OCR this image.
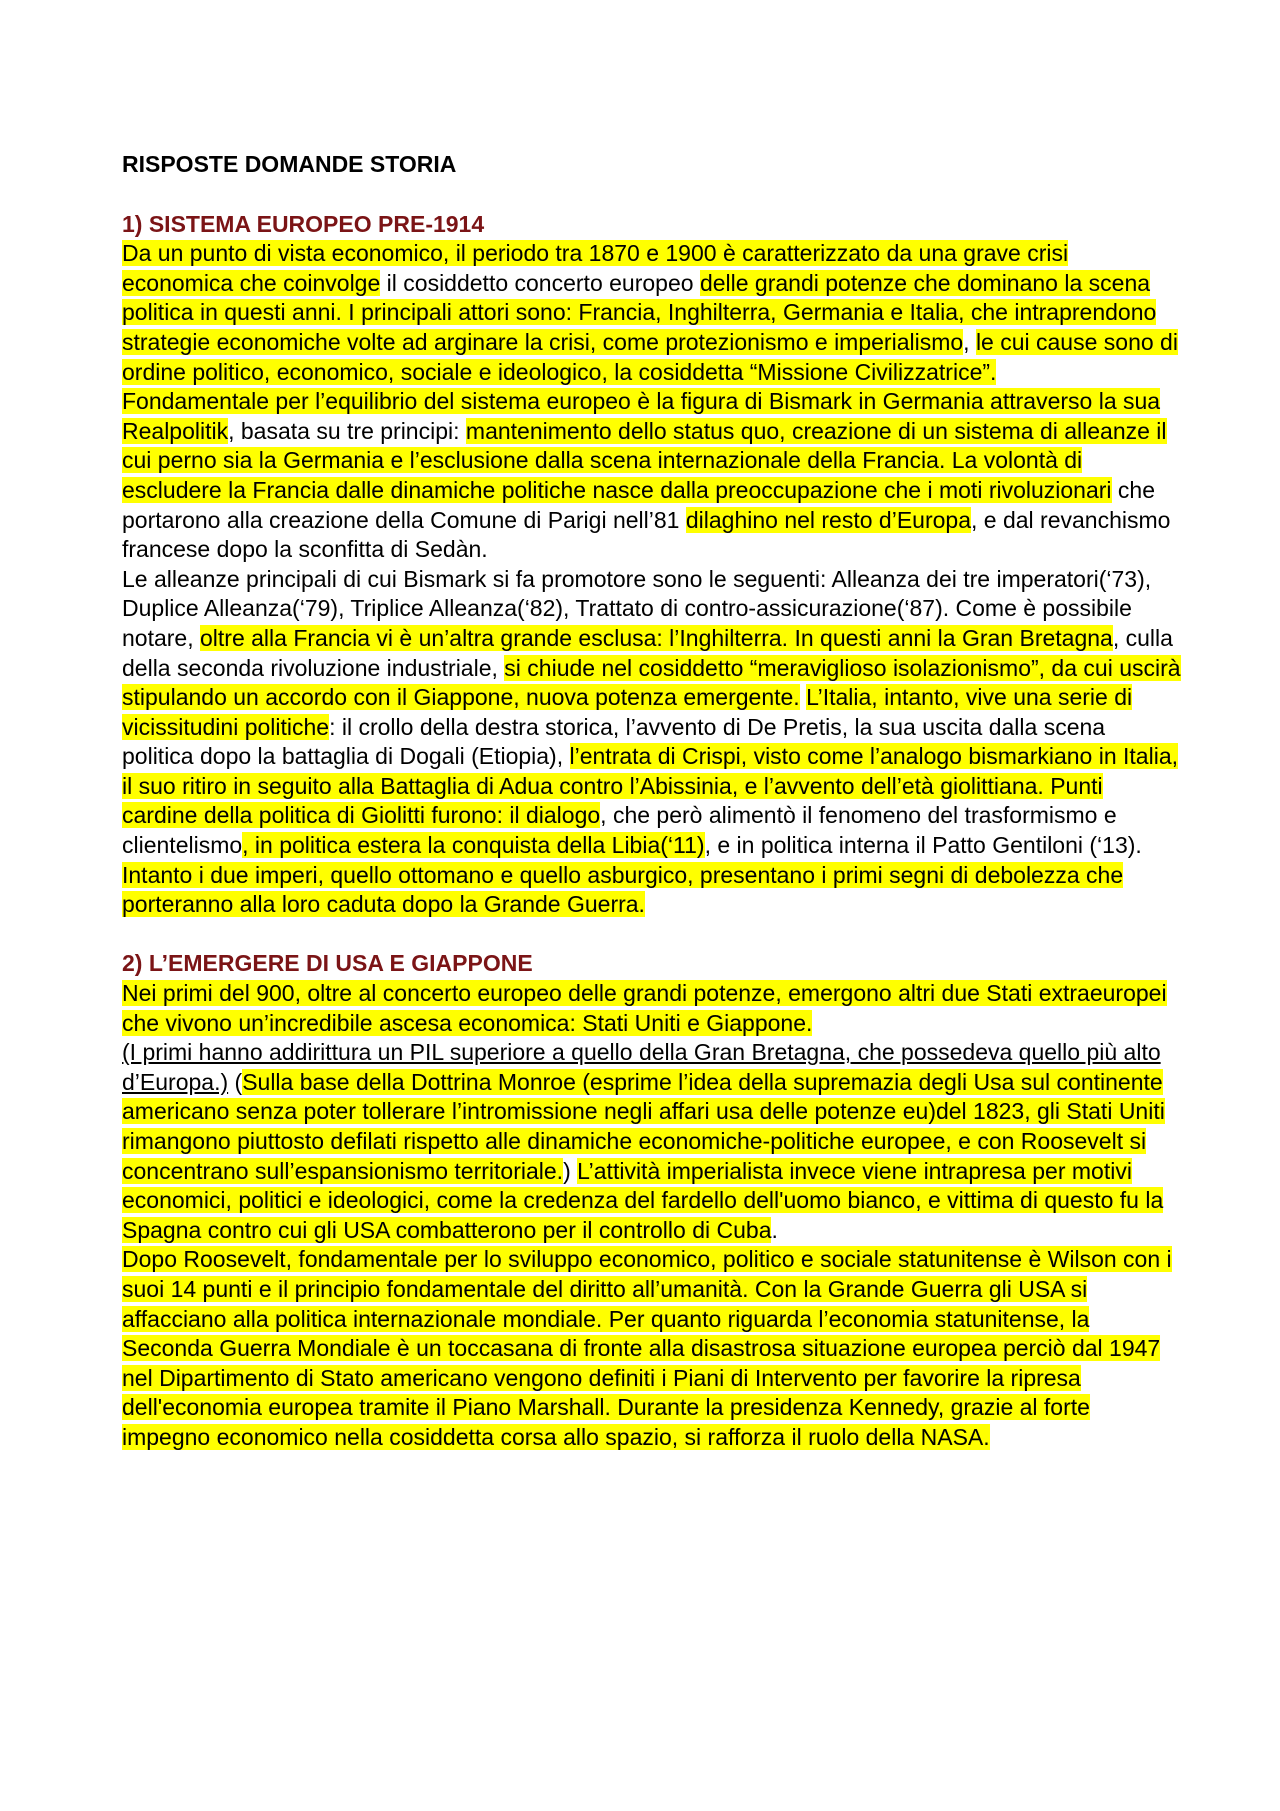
RISPOSTE DOMANDE STORIA
1) SISTEMA EUROPEO PRE-1914

Da un punto di vista economico, il periodo tra 1870 e 1900 è caratterizzato da una grave crisi economica che coinvolge il cosiddetto concerto europeo delle grandi potenze che dominano la scena politica in questi anni. I principali attori sono: Francia, Inghilterra, Germania e Italia, che intraprendono strategie economiche volte ad arginare la crisi, come protezionismo e imperialismo, le cui cause sono di ordine politico, economico, sociale e ideologico, la cosiddetta “Missione Civilizzatrice”.

Fondamentale per l’equilibrio del sistema europeo è la figura di Bismark in Germania attraverso la sua Realpolitik, basata su tre principi: mantenimento dello status quo, creazione di un sistema di alleanze il cui perno sia la Germania e l’esclusione dalla scena internazionale della Francia. La volontà di escludere la Francia dalle dinamiche politiche nasce dalla preoccupazione che i moti rivoluzionari che portarono alla creazione della Comune di Parigi nell’81 dilaghino nel resto d’Europa, e dal revanchismo francese dopo la sconfitta di Sedàn.

Le alleanze principali di cui Bismark si fa promotore sono le seguenti: Alleanza dei tre imperatori(‘73), Duplice Alleanza(‘79), Triplice Alleanza(‘82), Trattato di contro-assicurazione(‘87). Come è possibile notare, oltre alla Francia vi è un’altra grande esclusa: l’Inghilterra. In questi anni la Gran Bretagna, culla della seconda rivoluzione industriale, si chiude nel cosiddetto “meraviglioso isolazionismo”, da cui uscirà stipulando un accordo con il Giappone, nuova potenza emergente. L’Italia, intanto, vive una serie di vicissitudini politiche: il crollo della destra storica, l’avvento di De Pretis, la sua uscita dalla scena politica dopo la battaglia di Dogali (Etiopia), l’entrata di Crispi, visto come l’analogo bismarkiano in Italia, il suo ritiro in seguito alla Battaglia di Adua contro l’Abissinia, e l’avvento dell’età giolittiana. Punti cardine della politica di Giolitti furono: il dialogo, che però alimentò il fenomeno del trasformismo e clientelismo, in politica estera la conquista della Libia(‘11), e in politica interna il Patto Gentiloni (‘13). Intanto i due imperi, quello ottomano e quello asburgico, presentano i primi segni di debolezza che porteranno alla loro caduta dopo la Grande Guerra.

2) L’EMERGERE DI USA E GIAPPONE

Nei primi del 900, oltre al concerto europeo delle grandi potenze, emergono altri due Stati extraeuropei che vivono un’incredibile ascesa economica: Stati Uniti e Giappone.

(I primi hanno addirittura un PIL superiore a quello della Gran Bretagna, che possedeva quello più alto d’Europa.) (Sulla base della Dottrina Monroe (esprime l’idea della supremazia degli Usa sul continente americano senza poter tollerare l’intromissione negli affari usa delle potenze eu)del 1823, gli Stati Uniti rimangono piuttosto defilati rispetto alle dinamiche economiche-politiche europee, e con Roosevelt si concentrano sull’espansionismo territoriale.) L’attività imperialista invece viene intrapresa per motivi economici, politici e ideologici, come la credenza del fardello dell'uomo bianco, e vittima di questo fu la Spagna contro cui gli USA combatterono per il controllo di Cuba.

Dopo Roosevelt, fondamentale per lo sviluppo economico, politico e sociale statunitense è Wilson con i suoi 14 punti e il principio fondamentale del diritto all’umanità. Con la Grande Guerra gli USA si affacciano alla politica internazionale mondiale. Per quanto riguarda l’economia statunitense, la Seconda Guerra Mondiale è un toccasana di fronte alla disastrosa situazione europea perciò dal 1947 nel Dipartimento di Stato americano vengono definiti i Piani di Intervento per favorire la ripresa dell'economia europea tramite il Piano Marshall. Durante la presidenza Kennedy, grazie al forte impegno economico nella cosiddetta corsa allo spazio, si rafforza il ruolo della NASA.
